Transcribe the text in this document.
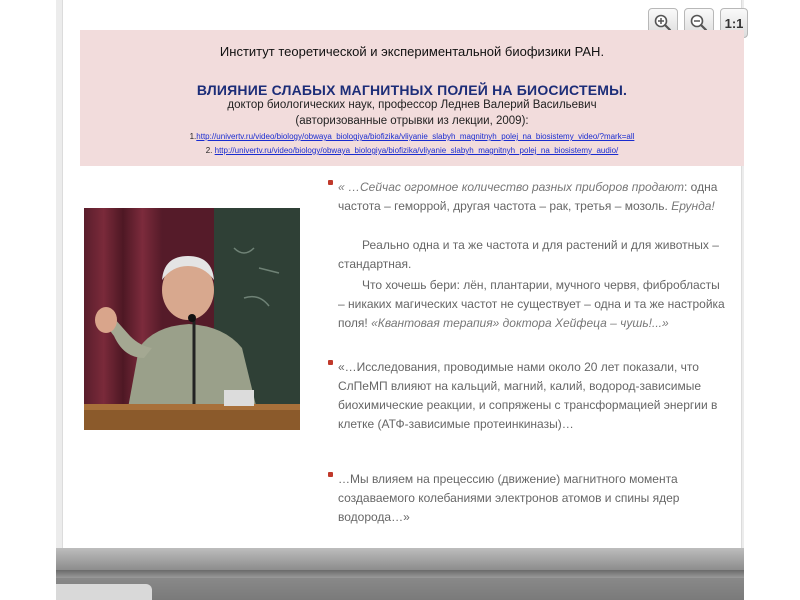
1:1
Институт теоретической и экспериментальной биофизики РАН.
ВЛИЯНИЕ СЛАБЫХ МАГНИТНЫХ ПОЛЕЙ НА БИОСИСТЕМЫ.
доктор биологических наук, профессор Леднев Валерий Васильевич
(авторизованные отрывки из лекции, 2009):
1.http://univertv.ru/video/biology/obwaya_biologiya/biofizika/vliyanie_slabyh_magnitnyh_polej_na_biosistemy_video/?mark=all
2. http://univertv.ru/video/biology/obwaya_biologiya/biofizika/vliyanie_slabyh_magnitnyh_polej_na_biosistemy_audio/
« …Сейчас огромное количество разных приборов продают: одна частота – геморрой, другая частота – рак, третья – мозоль. Ерунда!
Реально одна и та же частота и для растений и для животных – стандартная.
Что хочешь бери: лён, плантарии, мучного червя, фибробласты – никаких магических частот не существует – одна и та же настройка поля! «Квантовая терапия» доктора Хейфеца – чушь!...»
«…Исследования, проводимые нами около 20 лет показали, что СлПеМП влияют на кальций, магний, калий, водород-зависимые биохимические реакции, и сопряжены с трансформацией энергии в клетке (АТФ-зависимые протеинкиназы)…
…Мы влияем на прецессию (движение) магнитного момента создаваемого колебаниями электронов атомов и спины ядер водорода…»
